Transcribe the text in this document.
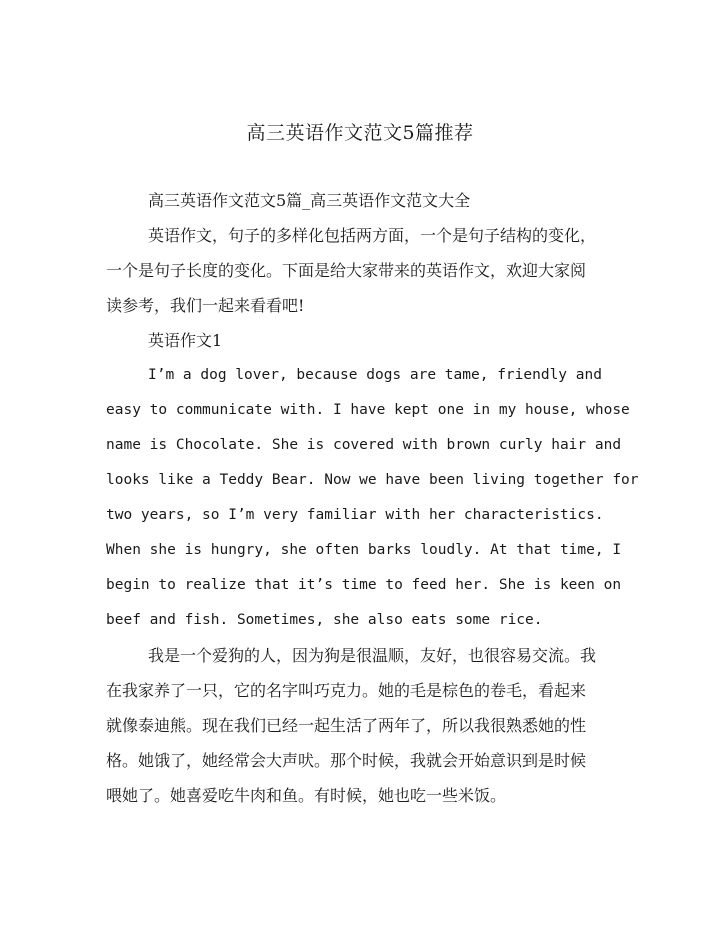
高三英语作文范文5篇推荐
高三英语作文范文5篇_高三英语作文范文大全
英语作文，句子的多样化包括两方面，一个是句子结构的变化，
一个是句子长度的变化。下面是给大家带来的英语作文，欢迎大家阅
读参考，我们一起来看看吧!
英语作文1
I’m a dog lover, because dogs are tame, friendly and
easy to communicate with. I have kept one in my house, whose
name is Chocolate. She is covered with brown curly hair and
looks like a Teddy Bear. Now we have been living together for
two years, so I’m very familiar with her characteristics.
When she is hungry, she often barks loudly. At that time, I
begin to realize that it’s time to feed her. She is keen on
beef and fish. Sometimes, she also eats some rice.
我是一个爱狗的人，因为狗是很温顺，友好，也很容易交流。我
在我家养了一只，它的名字叫巧克力。她的毛是棕色的卷毛，看起来
就像泰迪熊。现在我们已经一起生活了两年了，所以我很熟悉她的性
格。她饿了，她经常会大声吠。那个时候，我就会开始意识到是时候
喂她了。她喜爱吃牛肉和鱼。有时候，她也吃一些米饭。
